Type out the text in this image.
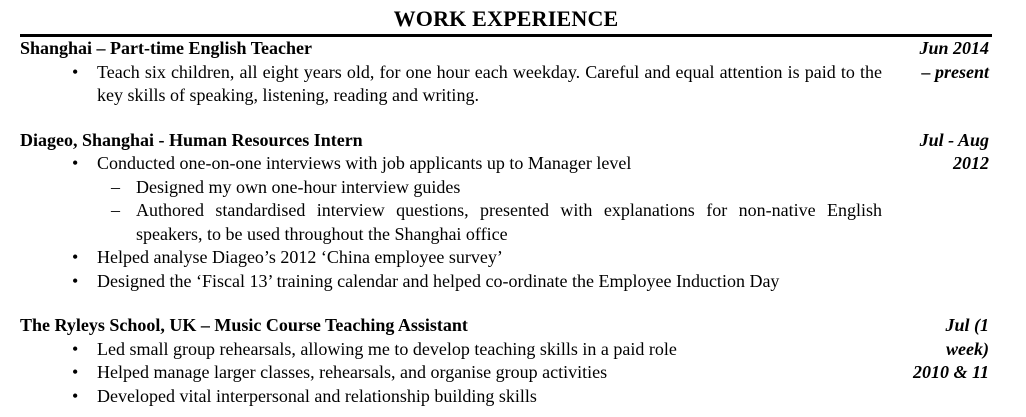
WORK EXPERIENCE
Jun 2014
– present

Shanghai – Part-time English Teacher

• Teach six children, all eight years old, for one hour each weekday. Careful and equal attention is paid to the key skills of speaking, listening, reading and writing.
Jul - Aug
2012

Diageo, Shanghai - Human Resources Intern

• Conducted one-on-one interviews with job applicants up to Manager level
– Designed my own one-hour interview guides
– Authored standardised interview questions, presented with explanations for non-native English speakers, to be used throughout the Shanghai office
• Helped analyse Diageo’s 2012 ‘China employee survey’
• Designed the ‘Fiscal 13’ training calendar and helped co-ordinate the Employee Induction Day
Jul (1
week)
2010 & 11

The Ryleys School, UK – Music Course Teaching Assistant

• Led small group rehearsals, allowing me to develop teaching skills in a paid role
• Helped manage larger classes, rehearsals, and organise group activities
• Developed vital interpersonal and relationship building skills
